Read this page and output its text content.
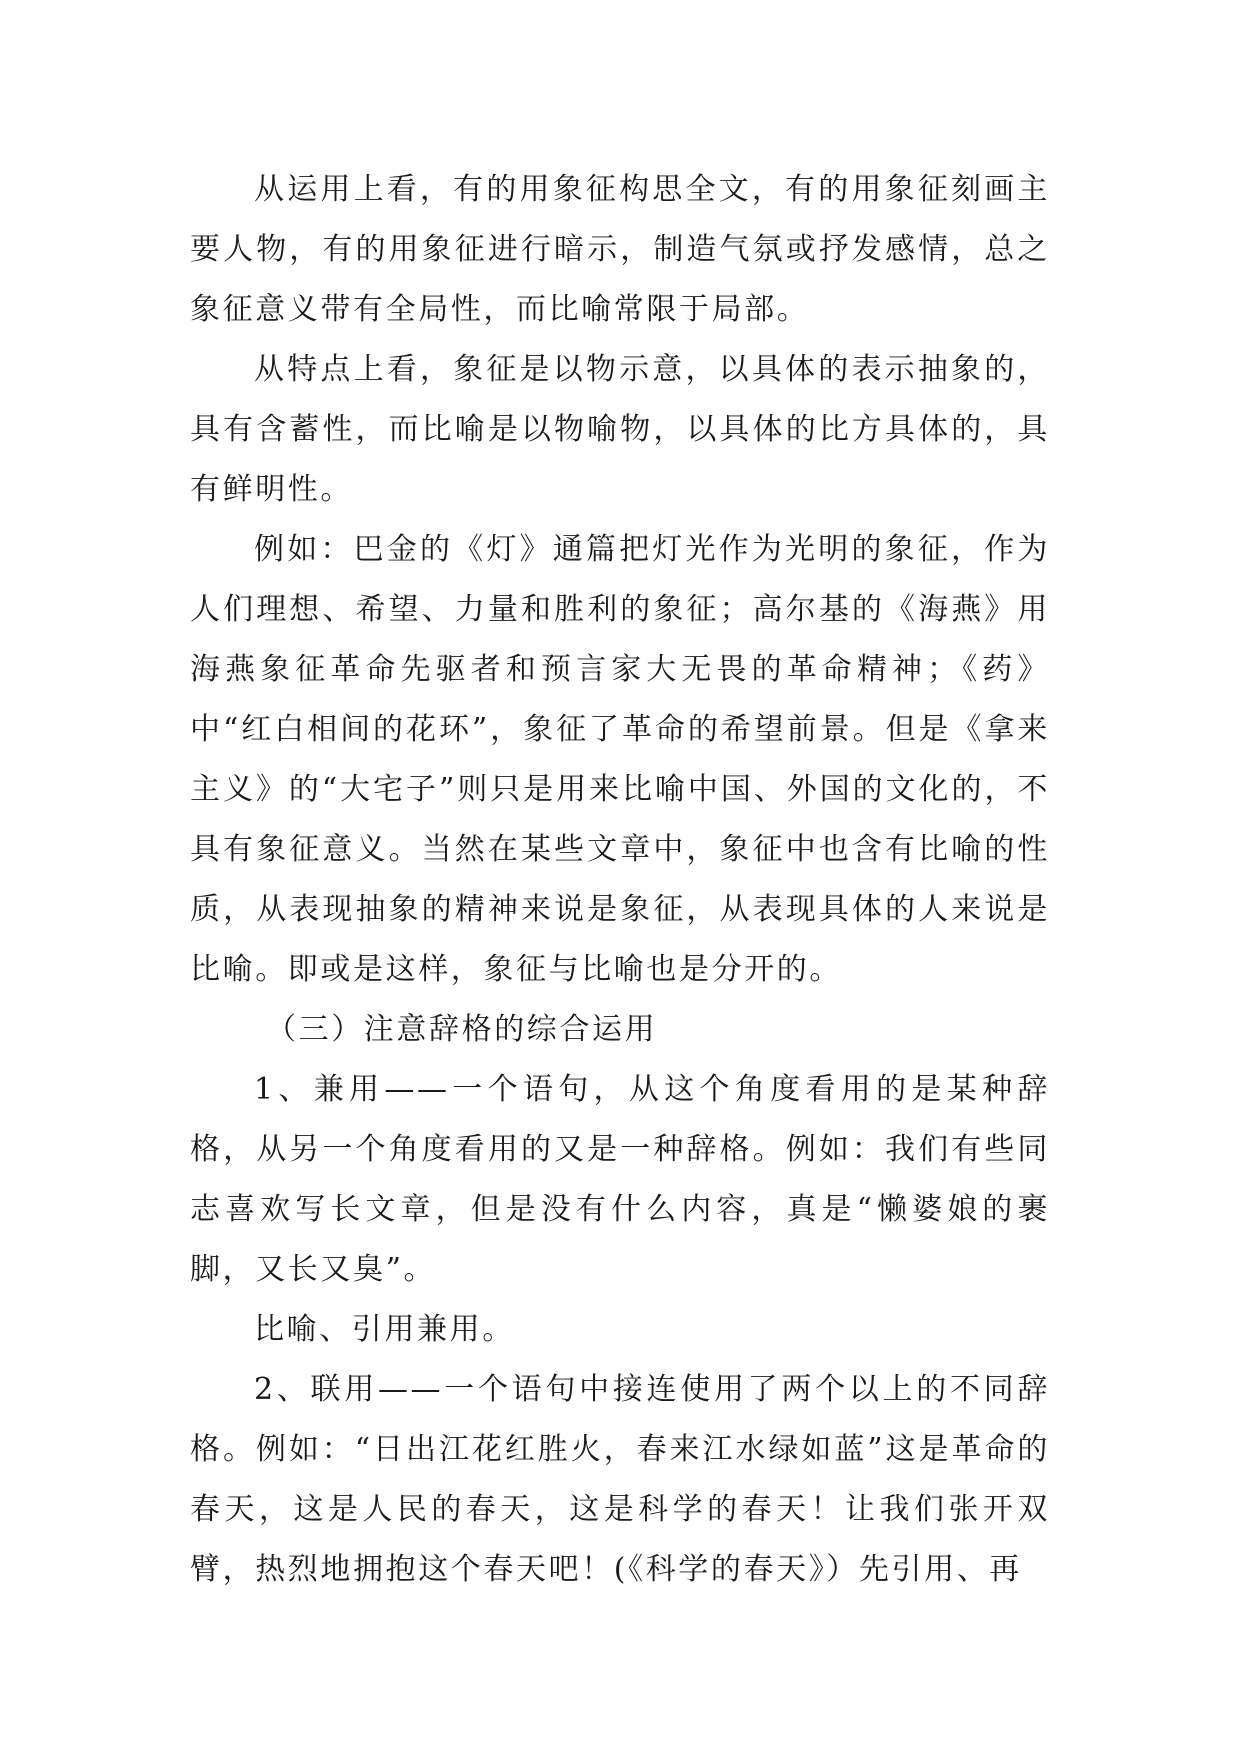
从运用上看，有的用象征构思全文，有的用象征刻画主要人物，有的用象征进行暗示，制造气氛或抒发感情，总之象征意义带有全局性，而比喻常限于局部。

从特点上看，象征是以物示意，以具体的表示抽象的，具有含蓄性，而比喻是以物喻物，以具体的比方具体的，具有鲜明性。

例如：巴金的《灯》通篇把灯光作为光明的象征，作为人们理想、希望、力量和胜利的象征；高尔基的《海燕》用海燕象征革命先驱者和预言家大无畏的革命精神；《药》中“红白相间的花环”，象征了革命的希望前景。但是《拿来主义》的“大宅子”则只是用来比喻中国、外国的文化的，不具有象征意义。当然在某些文章中，象征中也含有比喻的性质，从表现抽象的精神来说是象征，从表现具体的人来说是比喻。即或是这样，象征与比喻也是分开的。

（三）注意辞格的综合运用

1、兼用——一个语句，从这个角度看用的是某种辞格，从另一个角度看用的又是一种辞格。例如：我们有些同志喜欢写长文章，但是没有什么内容，真是“懒婆娘的裹脚，又长又臭”。

比喻、引用兼用。

2、联用——一个语句中接连使用了两个以上的不同辞格。例如：“日出江花红胜火，春来江水绿如蓝”这是革命的春天，这是人民的春天，这是科学的春天！让我们张开双臂，热烈地拥抱这个春天吧！(《科学的春天》）先引用、再
